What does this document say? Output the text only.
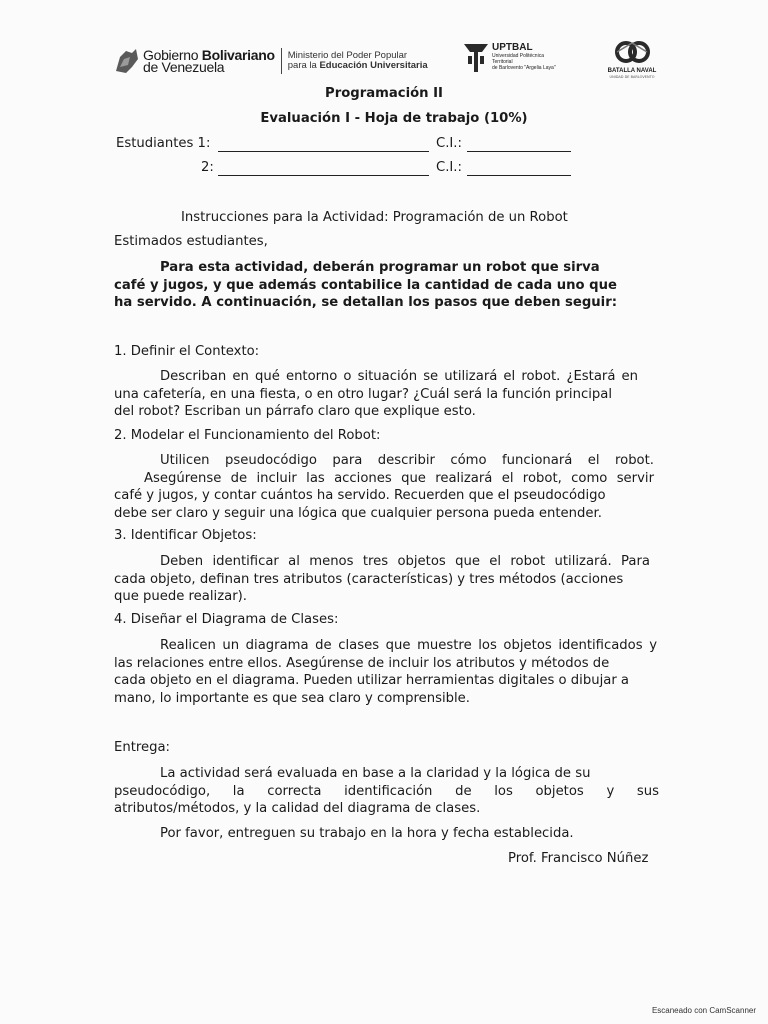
Gobierno Bolivariano
de Venezuela
Ministerio del Poder Popular
para la Educación Universitaria
UPTBAL
Universidad Politécnica Territorial
de Barlovento "Argelia Laya"	BATALLA NAVAL
UNIDAD DE BARLOVENTO
Programación II
Evaluación I - Hoja de trabajo (10%)
Estudiantes 1:	C.I.:
2:	C.I.:
Instrucciones para la Actividad: Programación de un Robot
Estimados estudiantes,
Para esta actividad, deberán programar un robot que sirva
café y jugos, y que además contabilice la cantidad de cada uno que
ha servido. A continuación, se detallan los pasos que deben seguir:
1. Definir el Contexto:
Describan en qué entorno o situación se utilizará el robot. ¿Estará en
una cafetería, en una fiesta, o en otro lugar? ¿Cuál será la función principal
del robot? Escriban un párrafo claro que explique esto.
2. Modelar el Funcionamiento del Robot:
Utilicen pseudocódigo para describir cómo funcionará el robot.
Asegúrense de incluir las acciones que realizará el robot, como servir
café y jugos, y contar cuántos ha servido. Recuerden que el pseudocódigo
debe ser claro y seguir una lógica que cualquier persona pueda entender.
3. Identificar Objetos:
Deben identificar al menos tres objetos que el robot utilizará. Para
cada objeto, definan tres atributos (características) y tres métodos (acciones
que puede realizar).
4. Diseñar el Diagrama de Clases:
Realicen un diagrama de clases que muestre los objetos identificados y
las relaciones entre ellos. Asegúrense de incluir los atributos y métodos de
cada objeto en el diagrama. Pueden utilizar herramientas digitales o dibujar a
mano, lo importante es que sea claro y comprensible.
Entrega:
La actividad será evaluada en base a la claridad y la lógica de su
pseudocódigo, la correcta identificación de los objetos y sus
atributos/métodos, y la calidad del diagrama de clases.
Por favor, entreguen su trabajo en la hora y fecha establecida.
Prof. Francisco Núñez
Escaneado con CamScanner
